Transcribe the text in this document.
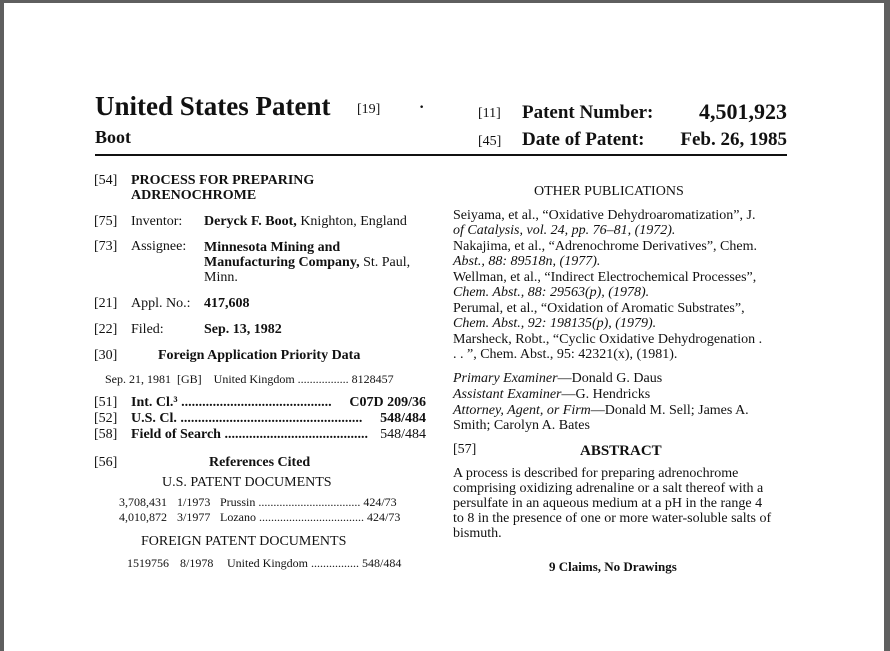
United States Patent [19] ·
Boot
[11] Patent Number:	4,501,923
[45] Date of Patent:	Feb. 26, 1985
[54] PROCESS FOR PREPARING
ADRENOCHROME
[75] Inventor: Deryck F. Boot, Knighton, England
[73] Assignee: Minnesota Mining and
Manufacturing Company, St. Paul,
Minn.
[21] Appl. No.: 417,608
[22] Filed:	Sep. 13, 1982
[30]	Foreign Application Priority Data
Sep. 21, 1981  [GB]    United Kingdom ................. 8128457
[51] Int. Cl.³ ...........................................	C07D 209/36
[52] U.S. Cl. ....................................................	548/484
[58] Field of Search ......................................... 548/484
[56]	References Cited
U.S. PATENT DOCUMENTS
3,708,431 1/1973 Prussin .................................. 424/73
4,010,872 3/1977 Lozano ................................... 424/73
FOREIGN PATENT DOCUMENTS
1519756 8/1978 United Kingdom ................ 548/484
OTHER PUBLICATIONS
Seiyama, et al., “Oxidative Dehydroaromatization”, J.
of Catalysis, vol. 24, pp. 76–81, (1972).
Nakajima, et al., “Adrenochrome Derivatives”, Chem.
Abst., 88: 89518n, (1977).
Wellman, et al., “Indirect Electrochemical Processes”,
Chem. Abst., 88: 29563(p), (1978).
Perumal, et al., “Oxidation of Aromatic Substrates”,
Chem. Abst., 92: 198135(p), (1979).
Marsheck, Robt., “Cyclic Oxidative Dehydrogenation .
. . ”, Chem. Abst., 95: 42321(x), (1981).
Primary Examiner—Donald G. Daus
Assistant Examiner—G. Hendricks
Attorney, Agent, or Firm—Donald M. Sell; James A.
Smith; Carolyn A. Bates
[57]	ABSTRACT
A process is described for preparing adrenochrome
comprising oxidizing adrenaline or a salt thereof with a
persulfate in an aqueous medium at a pH in the range 4
to 8 in the presence of one or more water-soluble salts of
bismuth.
9 Claims, No Drawings
